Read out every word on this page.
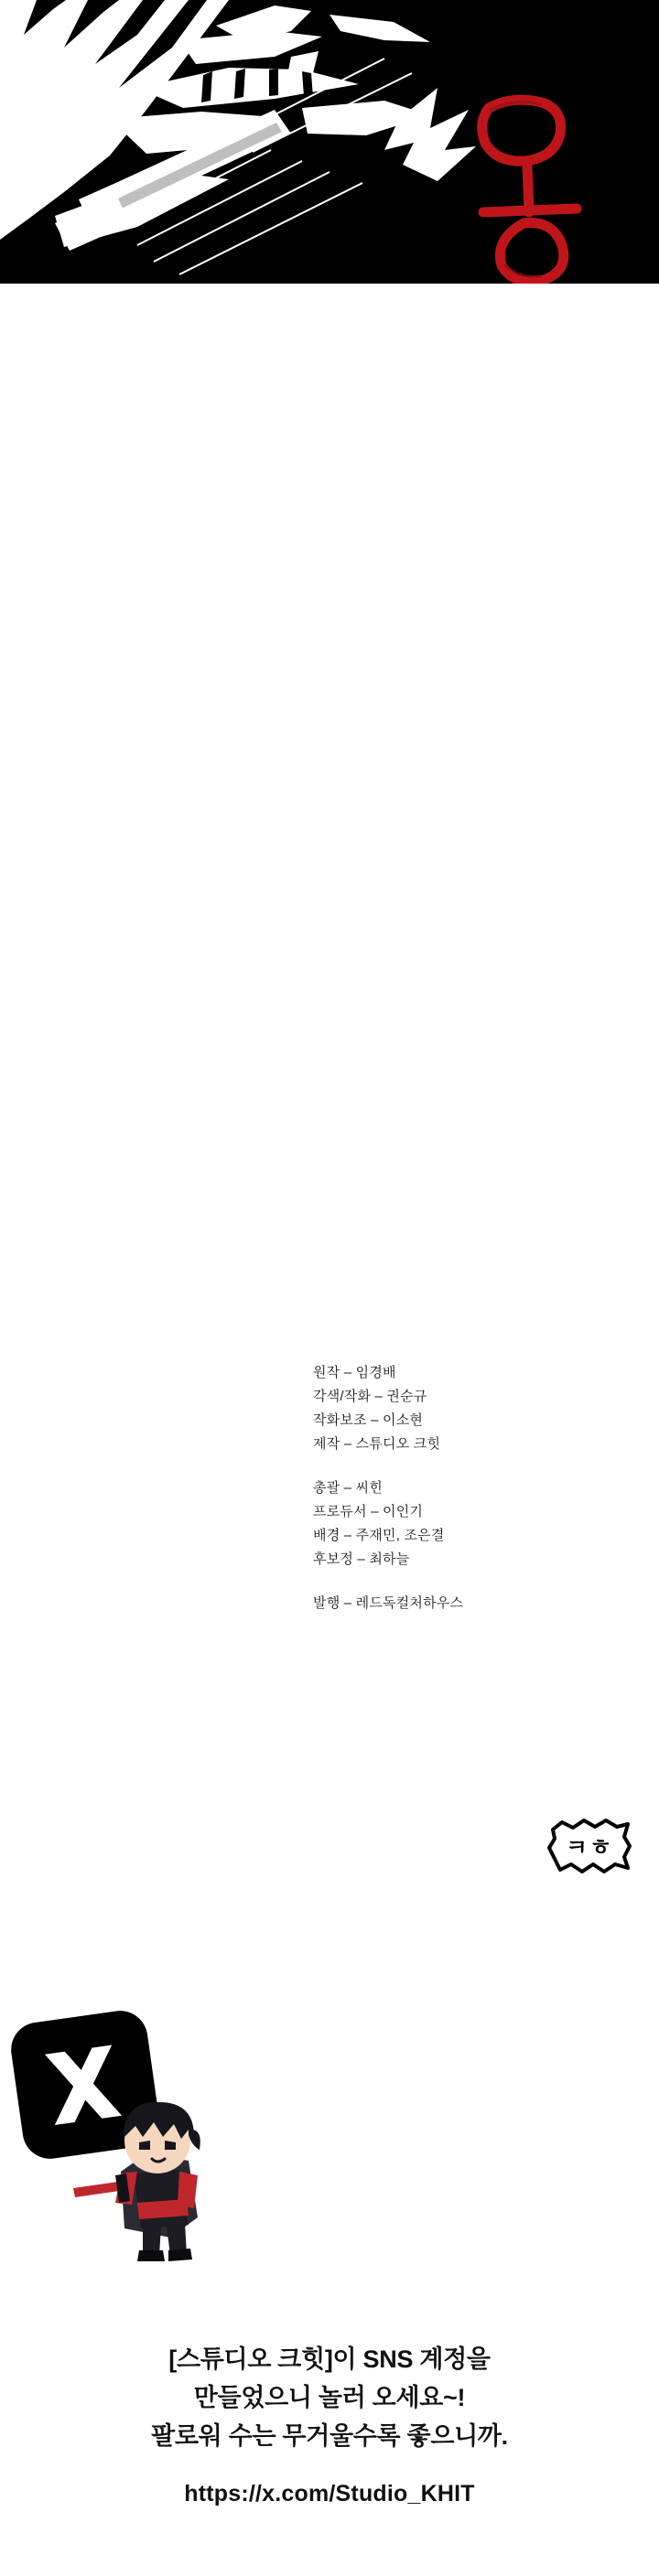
원작 – 임경배
각색/작화 – 권순규
작화보조 – 이소현
제작 – 스튜디오 크힛
총괄 – 씨힌
프로듀서 – 이인기
배경 – 주재민, 조은결
후보정 – 최하늘
발행 – 레드독컬처하우스
ㅋㅎ
[스튜디오 크힛]이 SNS 계정을
만들었으니 놀러 오세요~!
팔로워 수는 무거울수록 좋으니까.
https://x.com/Studio_KHIT
